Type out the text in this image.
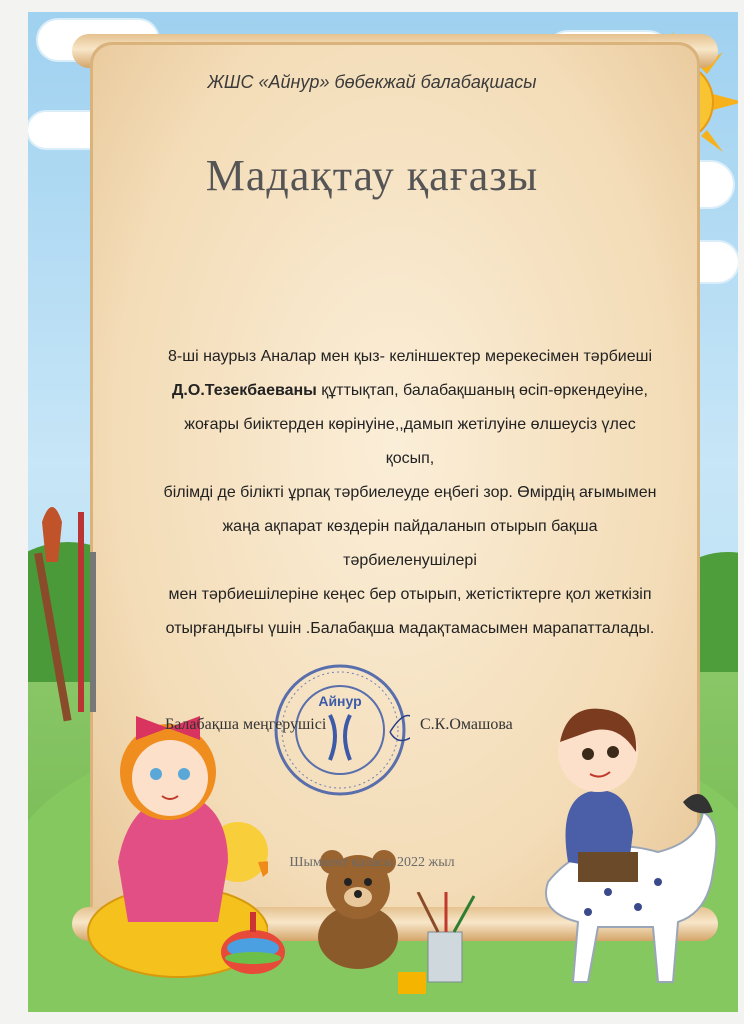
ЖШС «Айнур» бөбекжай балабақшасы
Мадақтау қағазы
8-ші наурыз Аналар мен қыз- келіншектер мерекесімен тәрбиеші
Д.О.Тезекбаеваны құттықтап, балабақшаның өсіп-өркендеуіне,
жоғары биіктерден көрінуіне,,дамып жетілуіне өлшеусіз үлес қосып,
білімді де білікті ұрпақ тәрбиелеуде еңбегі зор. Өмірдің ағымымен
жаңа ақпарат көздерін пайдаланып отырып бақша тәрбиеленушілері
мен тәрбиешілеріне кеңес бер отырып, жетістіктерге қол жеткізіп
отырғандығы үшін .Балабақша мадақтамасымен марапатталады.
Айнур
Балабақша меңгерушісі	С.К.Омашова
Шымкент қаласы 2022 жыл
